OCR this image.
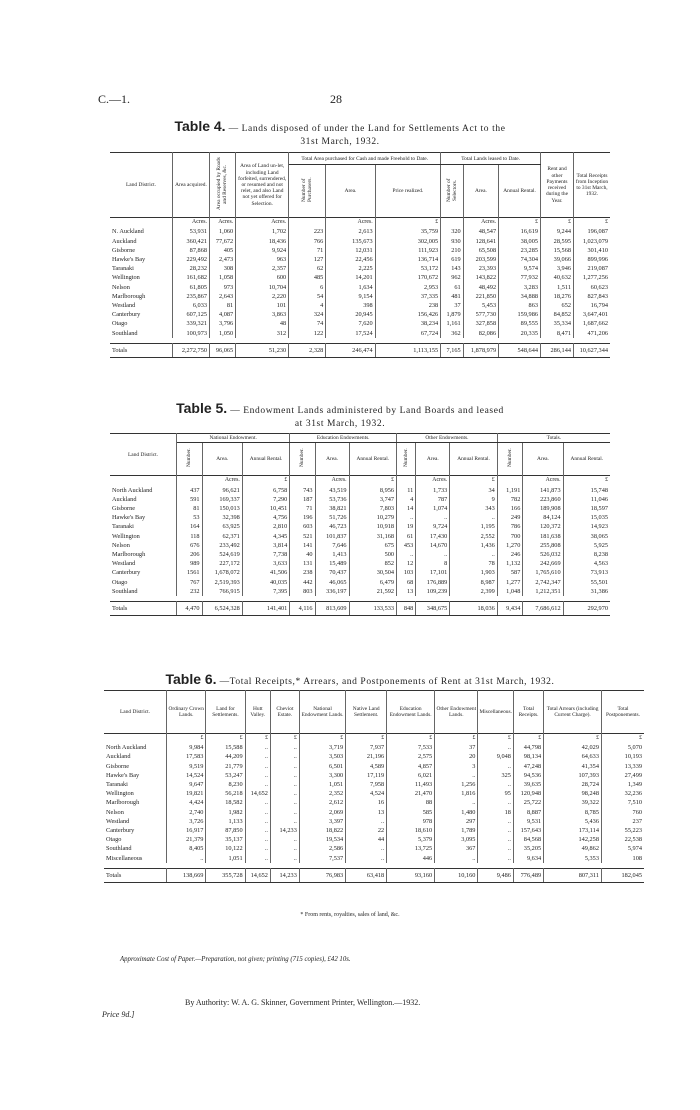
C.—1.	28
Table 4. — Lands disposed of under the Land for Settlements Act to the
31st March, 1932.
Land District.	Area acquired.	Area occupied by Roads and Reserves, &c.	Area of Land un-let, including Land forfeited, surrendered, or resumed and not relet, and also Land not yet offered for Selection.	Total Area purchased for Cash and made Freehold to Date.			Total Lands leased to Date.			Rent and other Payments received during the Year.	Total Receipts from Inception to 31st March, 1932.
				Number of Purchasers.	Area.	Price realized.	Number of Selectors.	Area.	Annual Rental.		
	Acres.	Acres.	Acres.		Acres.	£		Acres.	£	£	£
N. Auckland	53,931	1,060	1,702	223	2,613	35,759	320	48,547	16,619	9,244	196,087
Auckland	360,421	77,672	18,436	766	135,673	302,005	930	128,641	38,005	28,595	1,023,079
Gisborne	87,868	405	9,924	71	12,031	111,923	210	65,508	23,285	15,568	301,410
Hawke's Bay	229,492	2,473	963	127	22,456	136,714	619	203,599	74,304	39,066	899,996
Taranaki	28,232	308	2,357	62	2,225	53,172	143	23,393	9,574	3,946	219,087
Wellington	161,682	1,058	600	485	14,201	170,672	962	143,822	77,932	40,632	1,277,256
Nelson	61,805	973	10,704	6	1,634	2,953	61	48,492	3,283	1,511	60,623
Marlborough	235,867	2,643	2,220	54	9,154	37,335	481	221,850	34,888	18,276	827,843
Westland	6,033	81	101	4	398	238	37	5,453	863	652	16,794
Canterbury	607,125	4,087	3,863	324	20,945	156,426	1,879	577,730	159,986	84,852	3,647,401
Otago	339,321	3,796	48	74	7,620	38,234	1,161	327,858	89,555	35,334	1,687,662
Southland	100,973	1,050	312	122	17,524	67,724	362	82,086	20,335	8,471	471,206

Totals	2,272,750	96,065	51,230	2,328	246,474	1,113,155	7,165	1,878,979	548,644	286,144	10,627,344
Table 5. — Endowment Lands administered by Land Boards and leased
at 31st March, 1932.
Land District.	National Endowment.			Education Endowments.			Other Endowments.			Totals.		
	Number.	Area.	Annual Rental.	Number.	Area.	Annual Rental.	Number.	Area.	Annual Rental.	Number.	Area.	Annual Rental.
		Acres.	£		Acres.	£		Acres.	£		Acres.	£
North Auckland	437	96,621	6,758	743	43,519	8,956	11	1,733	34	1,191	141,873	15,748
Auckland	591	169,337	7,290	187	53,736	3,747	4	787	9	782	223,860	11,046
Gisborne	81	150,013	10,451	71	38,821	7,803	14	1,074	343	166	189,908	18,597
Hawke's Bay	53	32,398	4,756	196	51,726	10,279	..	..	..	249	84,124	15,035
Taranaki	164	63,925	2,810	603	46,723	10,918	19	9,724	1,195	786	120,372	14,923
Wellington	118	62,371	4,345	521	101,837	31,168	61	17,430	2,552	700	181,638	38,065
Nelson	676	233,492	3,814	141	7,646	675	453	14,670	1,436	1,270	255,808	5,925
Marlborough	206	524,619	7,738	40	1,413	500	..	..	..	246	526,032	8,238
Westland	989	227,172	3,633	131	15,489	852	12	8	78	1,132	242,669	4,563
Canterbury	1561	1,678,072	41,506	238	70,437	30,504	103	17,101	1,903	587	1,765,610	73,913
Otago	767	2,519,393	40,035	442	46,065	6,479	68	176,889	8,987	1,277	2,742,347	55,501
Southland	232	766,915	7,395	803	336,197	21,592	13	109,239	2,399	1,048	1,212,351	31,386

Totals	4,470	6,524,328	141,401	4,116	813,609	133,533	848	348,675	18,036	9,434	7,686,612	292,970
Table 6. —Total Receipts,* Arrears, and Postponements of Rent at 31st March, 1932.
Land District.	Ordinary Crown Lands.	Land for Settlements.	Hutt Valley.	Cheviot Estate.	National Endowment Lands.	Native Land Settlement.	Education Endowment Lands.	Other Endowment Lands.	Miscellaneous.	Total Receipts.	Total Arrears (including Current Charge).	Total Postponements.
	£	£	£	£	£	£	£	£	£	£	£	£
North Auckland	9,984	15,588	..	..	3,719	7,937	7,533	37	..	44,798	42,029	5,070
Auckland	17,583	44,209	..	..	3,503	21,196	2,575	20	9,048	98,134	64,633	10,193
Gisborne	9,519	21,779	..	..	6,501	4,589	4,857	3	..	47,248	41,354	13,339
Hawke's Bay	14,524	53,247	..	..	3,300	17,119	6,021	..	325	94,536	107,393	27,499
Taranaki	9,647	8,230	..	..	1,051	7,958	11,493	1,256	..	39,635	28,724	1,349
Wellington	19,821	56,218	14,652	..	2,352	4,524	21,470	1,816	95	120,948	98,248	32,236
Marlborough	4,424	18,582	..	..	2,612	16	88	..	..	25,722	39,322	7,510
Nelson	2,740	1,982	..	..	2,069	13	585	1,480	18	8,887	8,785	760
Westland	3,726	1,133	..	..	3,397	..	978	297	..	9,531	5,436	237
Canterbury	16,917	87,850	..	14,233	18,822	22	18,610	1,789	..	157,643	173,114	55,223
Otago	21,379	35,137	..	..	19,534	44	5,379	3,095	..	84,568	142,258	22,538
Southland	8,405	10,122	..	..	2,586	..	13,725	367	..	35,205	49,862	5,974
Miscellaneous	..	1,051	..	..	7,537	..	446	..	..	9,634	5,353	108

Totals	138,669	355,728	14,652	14,233	76,983	63,418	93,160	10,160	9,486	776,489	807,311	182,045
* From rents, royalties, sales of land, &c.
Approximate Cost of Paper.—Preparation, not given; printing (715 copies), £42 10s.
By Authority: W. A. G. Skinner, Government Printer, Wellington.—1932.
Price 9d.]
